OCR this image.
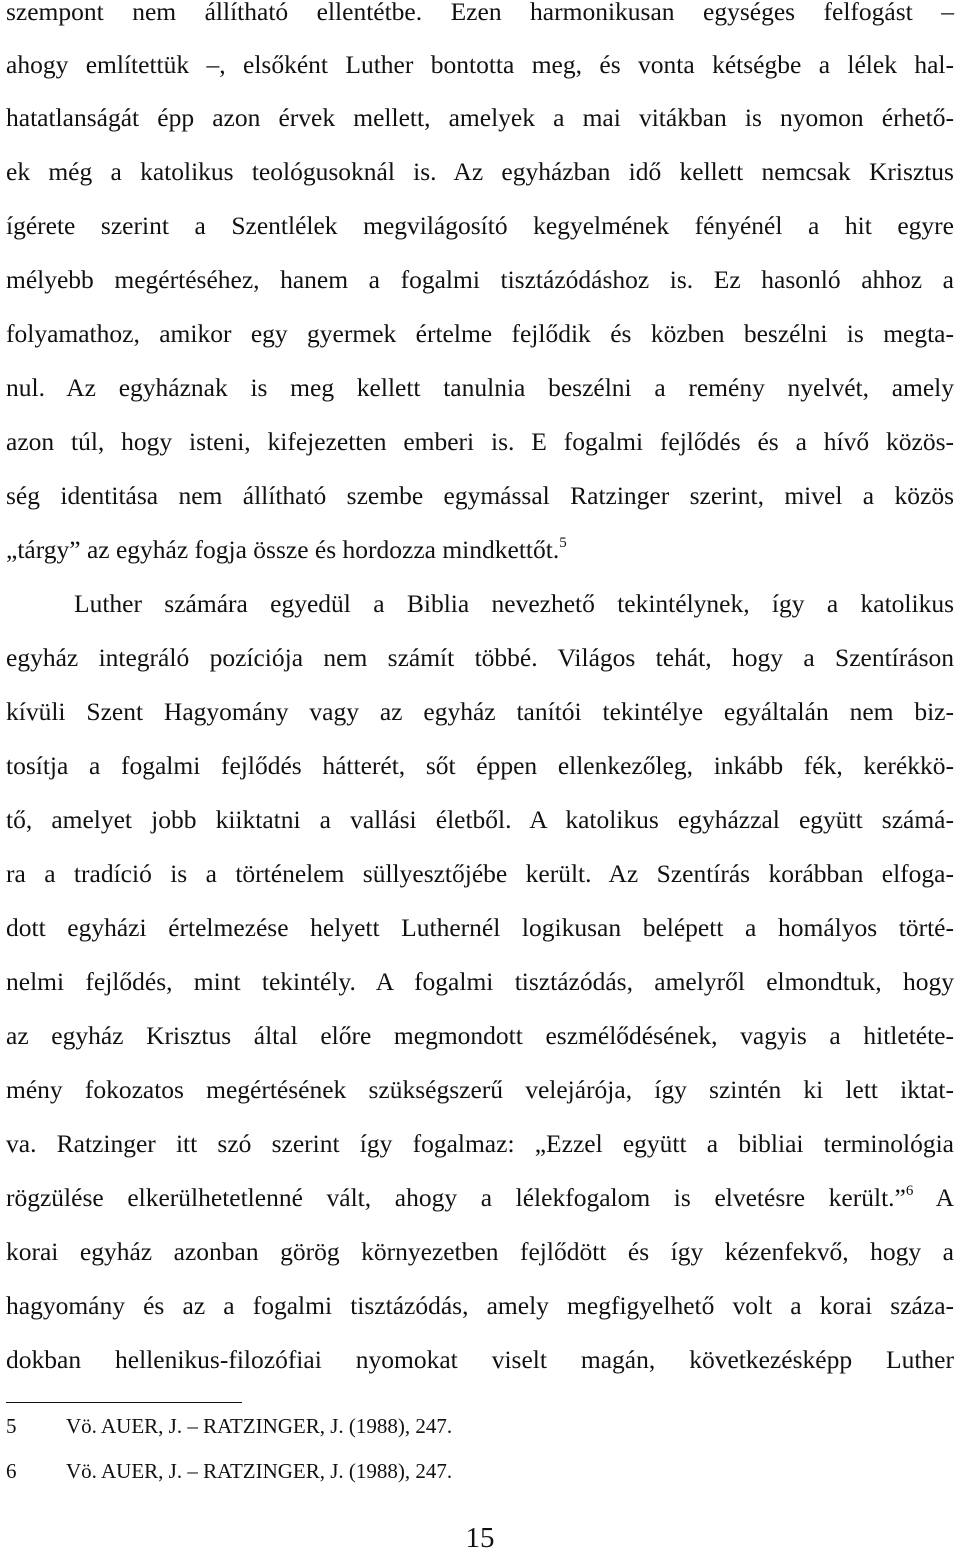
szempont nem állítható ellentétbe. Ezen harmonikusan egységes felfogást –
ahogy említettük –, elsőként Luther bontotta meg, és vonta kétségbe a lélek hal-
hatatlanságát épp azon érvek mellett, amelyek a mai vitákban is nyomon érhető-
ek még a katolikus teológusoknál is. Az egyházban idő kellett nemcsak Krisztus
ígérete szerint a Szentlélek megvilágosító kegyelmének fényénél a hit egyre
mélyebb megértéséhez, hanem a fogalmi tisztázódáshoz is. Ez hasonló ahhoz a
folyamathoz, amikor egy gyermek értelme fejlődik és közben beszélni is megta-
nul. Az egyháznak is meg kellett tanulnia beszélni a remény nyelvét, amely
azon túl, hogy isteni, kifejezetten emberi is. E fogalmi fejlődés és a hívő közös-
ség identitása nem állítható szembe egymással Ratzinger szerint, mivel a közös
„tárgy” az egyház fogja össze és hordozza mindkettőt.$^5$
Luther számára egyedül a Biblia nevezhető tekintélynek, így a katolikus
egyház integráló pozíciója nem számít többé. Világos tehát, hogy a Szentíráson
kívüli Szent Hagyomány vagy az egyház tanítói tekintélye egyáltalán nem biz-
tosítja a fogalmi fejlődés hátterét, sőt éppen ellenkezőleg, inkább fék, kerékkö-
tő, amelyet jobb kiiktatni a vallási életből. A katolikus egyházzal együtt számá-
ra a tradíció is a történelem süllyesztőjébe került. Az Szentírás korábban elfoga-
dott egyházi értelmezése helyett Luthernél logikusan belépett a homályos törté-
nelmi fejlődés, mint tekintély. A fogalmi tisztázódás, amelyről elmondtuk, hogy
az egyház Krisztus által előre megmondott eszmélődésének, vagyis a hitletéte-
mény fokozatos megértésének szükségszerű velejárója, így szintén ki lett iktat-
va. Ratzinger itt szó szerint így fogalmaz: „Ezzel együtt a bibliai terminológia
rögzülése elkerülhetetlenné vált, ahogy a lélekfogalom is elvetésre került.”$^6$ A
korai egyház azonban görög környezetben fejlődött és így kézenfekvő, hogy a
hagyomány és az a fogalmi tisztázódás, amely megfigyelhető volt a korai száza-
dokban hellenikus-filozófiai nyomokat viselt magán, következésképp Luther
5 Vö. AUER, J. – RATZINGER, J. (1988), 247.
6 Vö. AUER, J. – RATZINGER, J. (1988), 247.
15
